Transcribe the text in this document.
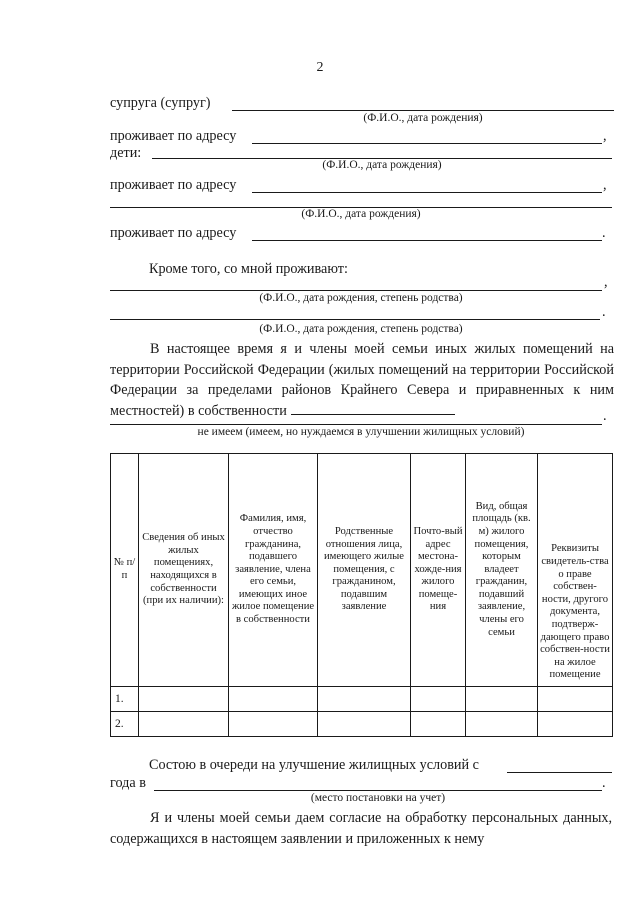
2
супруга (супруг)
(Ф.И.О., дата рождения)
проживает по адресу	,
дети:
(Ф.И.О., дата рождения)
проживает по адресу	,
(Ф.И.О., дата рождения)
проживает по адресу	.
Кроме того, со мной проживают:
,
(Ф.И.О., дата рождения, степень родства)
.
(Ф.И.О., дата рождения, степень родства)
В настоящее время я и члены моей семьи иных жилых помещений на территории Российской Федерации (жилых помещений на территории Российской Федерации за пределами районов Крайнего Севера и приравненных к ним местностей) в собственности	.
не имеем (имеем, но нуждаемся в улучшении жилищных условий)
№ п/п	Сведения об иных жилых помещениях, находящихся в собственности (при их наличии):	Фамилия, имя, отчество гражданина, подавшего заявление, члена его семьи, имеющих иное жилое помещение в собственности	Родственные отношения лица, имеющего жилые помещения, с гражданином, подавшим заявление	Почто-вый адрес местона-хожде-ния жилого помеще-ния	Вид, общая площадь (кв. м) жилого помещения, которым владеет гражданин, подавший заявление, члены его семьи	Реквизиты свидетель-ства о праве собствен-ности, другого документа, подтверж-дающего право собствен-ности на жилое помещение
1.						
2.						
Состою в очереди на улучшение жилищных условий с
года в	.
(место постановки на учет)
Я и члены моей семьи даем согласие на обработку персональных данных, содержащихся в настоящем заявлении и приложенных к нему
